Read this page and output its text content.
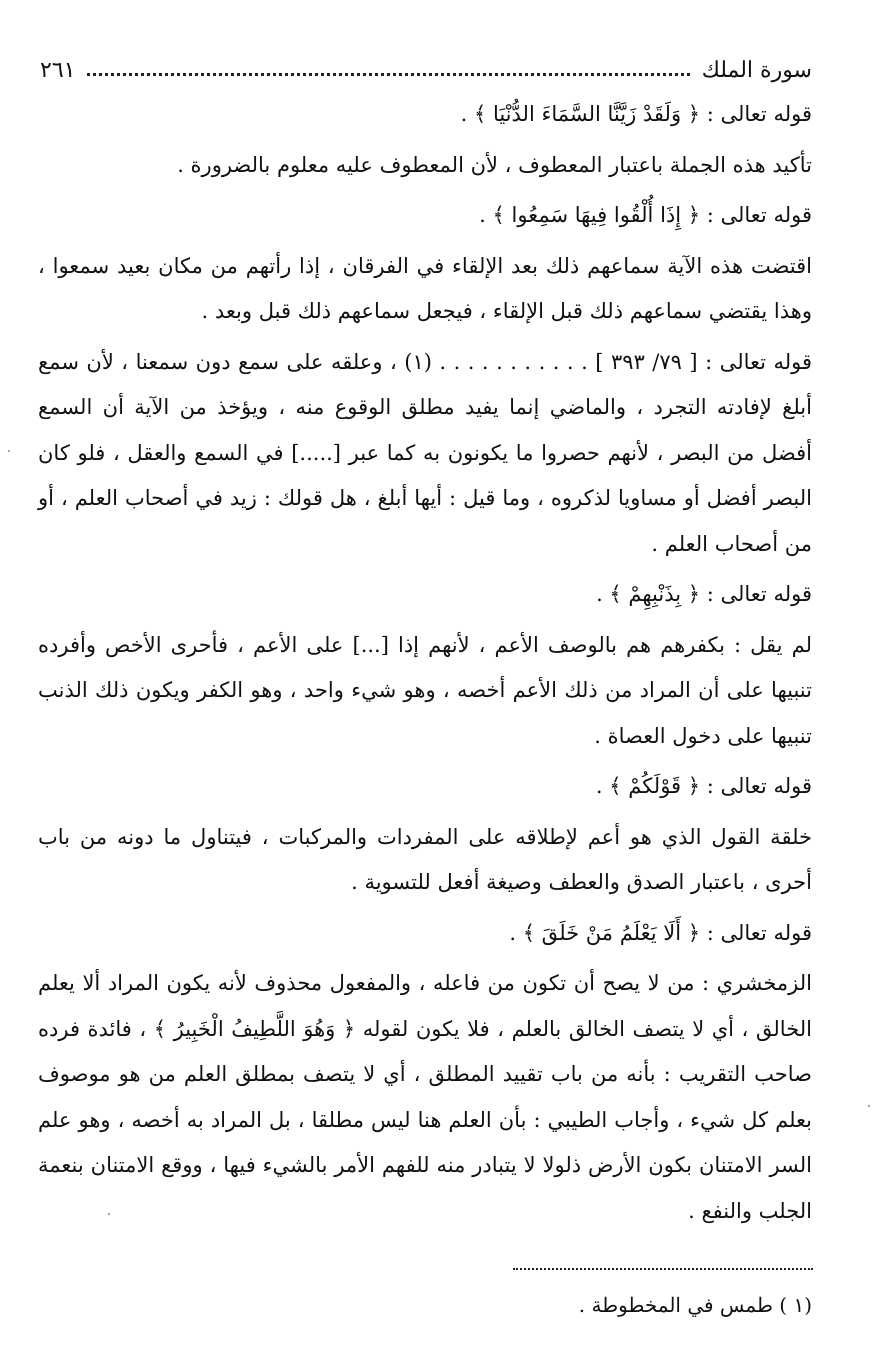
سورة الملك
٢٦١

قوله تعالى : ﴿ وَلَقَدْ زَيَّنَّا السَّمَاءَ الدُّنْيَا ﴾ .

تأكيد هذه الجملة باعتبار المعطوف ، لأن المعطوف عليه معلوم بالضرورة .

قوله تعالى : ﴿ إِذَا أُلْقُوا فِيهَا سَمِعُوا ﴾ .

اقتضت هذه الآية سماعهم ذلك بعد الإلقاء في الفرقان ، إذا رأتهم من مكان بعيد سمعوا ، وهذا يقتضي سماعهم ذلك قبل الإلقاء ، فيجعل سماعهم ذلك قبل وبعد .

قوله تعالى : [ ٧٩/ ٣٩٣ ] . . . . . . . . . . . (١) ، وعلقه على سمع دون سمعنا ، لأن سمع أبلغ لإفادته التجرد ، والماضي إنما يفيد مطلق الوقوع منه ، ويؤخذ من الآية أن السمع أفضل من البصر ، لأنهم حصروا ما يكونون به كما عبر [.....] في السمع والعقل ، فلو كان البصر أفضل أو مساويا لذكروه ، وما قيل : أيها أبلغ ، هل قولك : زيد في أصحاب العلم ، أو من أصحاب العلم .

قوله تعالى : ﴿ بِذَنْبِهِمْ ﴾ .

لم يقل : بكفرهم هم بالوصف الأعم ، لأنهم إذا [...] على الأعم ، فأحرى الأخص وأفرده تنبيها على أن المراد من ذلك الأعم أخصه ، وهو شيء واحد ، وهو الكفر ويكون ذلك الذنب تنبيها على دخول العصاة .

قوله تعالى : ﴿ قَوْلَكُمْ ﴾ .

خلقة القول الذي هو أعم لإطلاقه على المفردات والمركبات ، فيتناول ما دونه من باب أحرى ، باعتبار الصدق والعطف وصيغة أفعل للتسوية .

قوله تعالى : ﴿ أَلَا يَعْلَمُ مَنْ خَلَقَ ﴾ .

الزمخشري : من لا يصح أن تكون من فاعله ، والمفعول محذوف لأنه يكون المراد ألا يعلم الخالق ، أي لا يتصف الخالق بالعلم ، فلا يكون لقوله ﴿ وَهُوَ اللَّطِيفُ الْخَبِيرُ ﴾ ، فائدة فرده صاحب التقريب : بأنه من باب تقييد المطلق ، أي لا يتصف بمطلق العلم من هو موصوف بعلم كل شيء ، وأجاب الطيبي : بأن العلم هنا ليس مطلقا ، بل المراد به أخصه ، وهو علم السر الامتنان بكون الأرض ذلولا لا يتبادر منه للفهم الأمر بالشيء فيها ، ووقع الامتنان بنعمة الجلب والنفع .

(١ ) طمس في المخطوطة .
